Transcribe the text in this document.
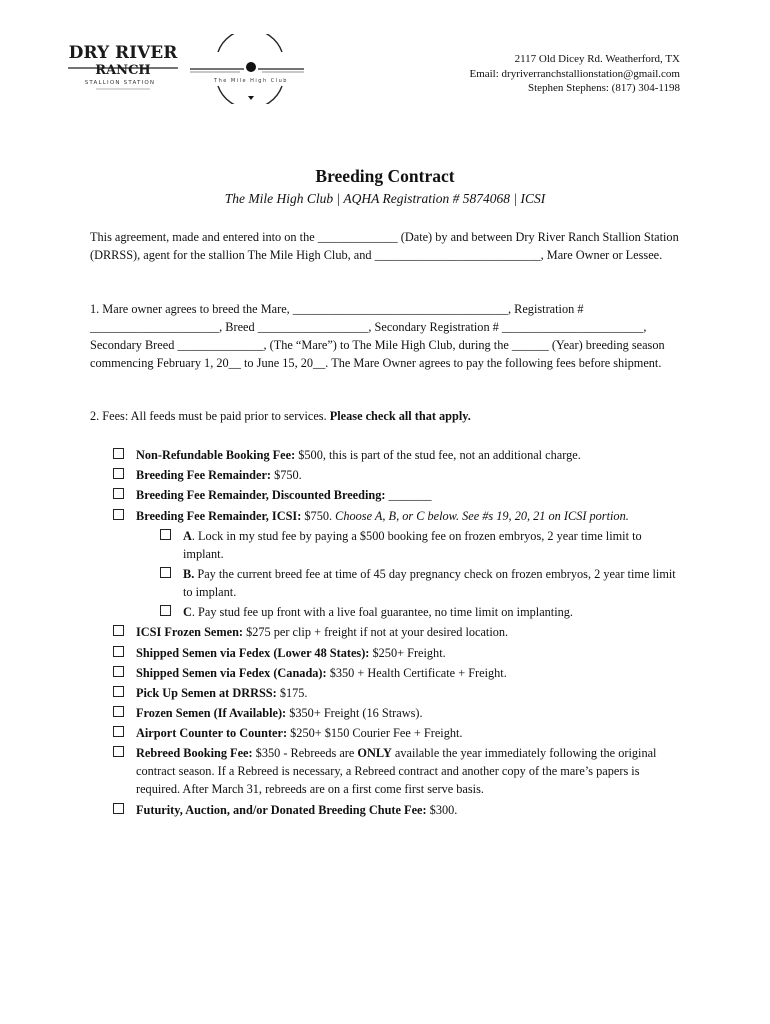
DRY RIVER
RANCH
STALLION STATION	The Mile High Club
2117 Old Dicey Rd. Weatherford, TX
Email: dryriverranchstallionstation@gmail.com
Stephen Stephens: (817) 304-1198
Breeding Contract
The Mile High Club | AQHA Registration # 5874068 | ICSI
This agreement, made and entered into on the _____________ (Date) by and between Dry River Ranch Stallion Station (DRRSS), agent for the stallion The Mile High Club, and ___________________________, Mare Owner or Lessee.
1. Mare owner agrees to breed the Mare, ___________________________________, Registration # _____________________, Breed __________________, Secondary Registration # _______________________, Secondary Breed ______________, (The “Mare”) to The Mile High Club, during the ______ (Year) breeding season commencing February 1, 20__ to June 15, 20__. The Mare Owner agrees to pay the following fees before shipment.
2. Fees: All feeds must be paid prior to services. Please check all that apply.
Non-Refundable Booking Fee: $500, this is part of the stud fee, not an additional charge.
Breeding Fee Remainder: $750.
Breeding Fee Remainder, Discounted Breeding: _______
Breeding Fee Remainder, ICSI: $750. Choose A, B, or C below. See #s 19, 20, 21 on ICSI portion.
A. Lock in my stud fee by paying a $500 booking fee on frozen embryos, 2 year time limit to implant.
B. Pay the current breed fee at time of 45 day pregnancy check on frozen embryos, 2 year time limit to implant.
C. Pay stud fee up front with a live foal guarantee, no time limit on implanting.
ICSI Frozen Semen: $275 per clip + freight if not at your desired location.
Shipped Semen via Fedex (Lower 48 States): $250+ Freight.
Shipped Semen via Fedex (Canada): $350 + Health Certificate + Freight.
Pick Up Semen at DRRSS: $175.
Frozen Semen (If Available): $350+ Freight (16 Straws).
Airport Counter to Counter: $250+ $150 Courier Fee + Freight.
Rebreed Booking Fee: $350 - Rebreeds are ONLY available the year immediately following the original contract season. If a Rebreed is necessary, a Rebreed contract and another copy of the mare’s papers is required. After March 31, rebreeds are on a first come first serve basis.
Futurity, Auction, and/or Donated Breeding Chute Fee: $300.
